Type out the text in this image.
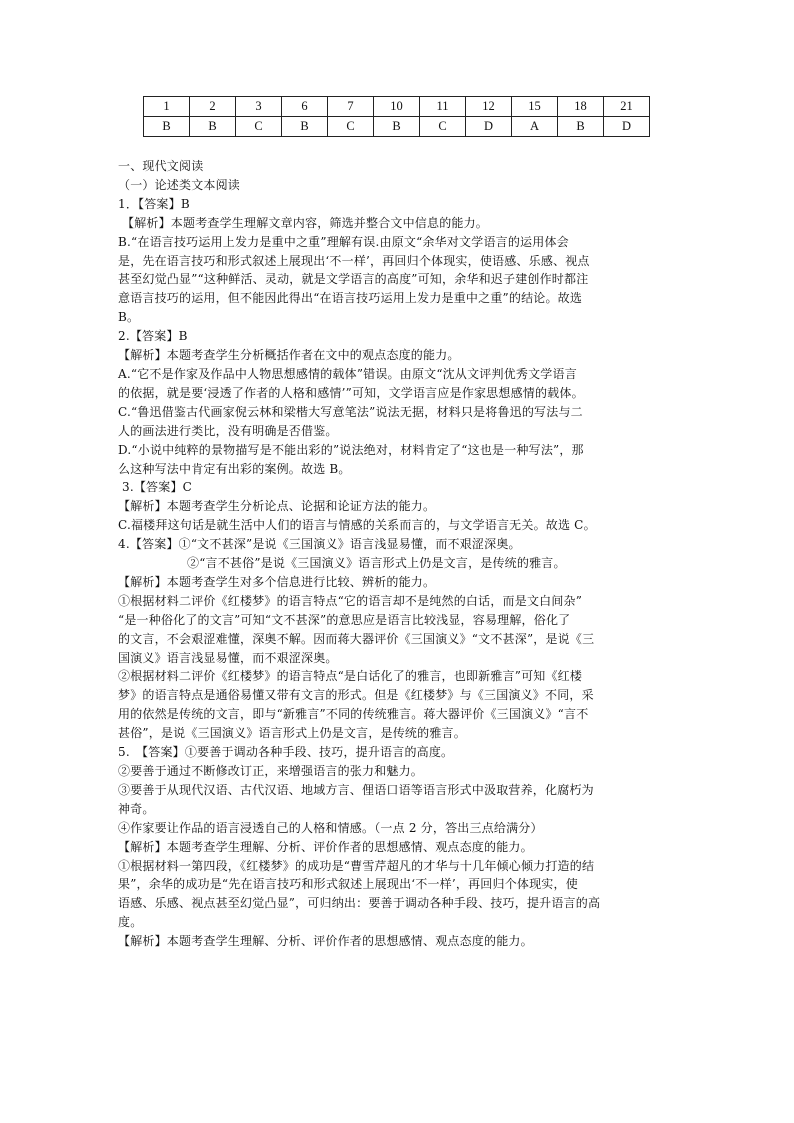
1	2	3	6	7	10	11	12	15	18	21
B	B	C	B	C	B	C	D	A	B	D

一、现代文阅读

（一）论述类文本阅读

1．【答案】B

【解析】本题考查学生理解文章内容，筛选并整合文中信息的能力。

B.“在语言技巧运用上发力是重中之重”理解有误.由原文“余华对文学语言的运用体会

是，先在语言技巧和形式叙述上展现出‘不一样’，再回归个体现实，使语感、乐感、视点

甚至幻觉凸显”“这种鲜活、灵动，就是文学语言的高度”可知，余华和迟子建创作时都注

意语言技巧的运用，但不能因此得出“在语言技巧运用上发力是重中之重”的结论。故选

B。

2.【答案】B

【解析】本题考查学生分析概括作者在文中的观点态度的能力。

A.“它不是作家及作品中人物思想感情的载体”错误。由原文“沈从文评判优秀文学语言

的依据，就是要‘浸透了作者的人格和感情’”可知，文学语言应是作家思想感情的载体。

C.“鲁迅借鉴古代画家倪云林和梁楷大写意笔法”说法无据，材料只是将鲁迅的写法与二

人的画法进行类比，没有明确是否借鉴。

D.“小说中纯粹的景物描写是不能出彩的”说法绝对，材料肯定了“这也是一种写法”，那

么这种写法中肯定有出彩的案例。故选 B。

3.【答案】C

【解析】本题考查学生分析论点、论据和论证方法的能力。

C.福楼拜这句话是就生活中人们的语言与情感的关系而言的，与文学语言无关。故选 C。

4.【答案】①“文不甚深”是说《三国演义》语言浅显易懂，而不艰涩深奥。

②“言不甚俗”是说《三国演义》语言形式上仍是文言，是传统的雅言。

【解析】本题考查学生对多个信息进行比较、辨析的能力。

①根据材料二评价《红楼梦》的语言特点“它的语言却不是纯然的白话，而是文白间杂”

“是一种俗化了的文言”可知“文不甚深”的意思应是语言比较浅显，容易理解，俗化了

的文言，不会艰涩难懂，深奥不解。因而蒋大器评价《三国演义》“文不甚深”，是说《三

国演义》语言浅显易懂，而不艰涩深奥。

②根据材料二评价《红楼梦》的语言特点“是白话化了的雅言，也即新雅言”可知《红楼

梦》的语言特点是通俗易懂又带有文言的形式。但是《红楼梦》与《三国演义》不同，采

用的依然是传统的文言，即与“新雅言”不同的传统雅言。蒋大器评价《三国演义》“言不

甚俗”，是说《三国演义》语言形式上仍是文言，是传统的雅言。

5.　【答案】①要善于调动各种手段、技巧，提升语言的高度。

②要善于通过不断修改订正，来增强语言的张力和魅力。

③要善于从现代汉语、古代汉语、地域方言、俚语口语等语言形式中汲取营养，化腐朽为

神奇。

④作家要让作品的语言浸透自己的人格和情感。（一点 2 分，答出三点给满分）

【解析】本题考查学生理解、分析、评价作者的思想感情、观点态度的能力。

①根据材料一第四段，《红楼梦》的成功是“曹雪芹超凡的才华与十几年倾心倾力打造的结

果”，余华的成功是“先在语言技巧和形式叙述上展现出‘不一样’，再回归个体现实，使

语感、乐感、视点甚至幻觉凸显”，可归纳出：要善于调动各种手段、技巧，提升语言的高

度。

【解析】本题考查学生理解、分析、评价作者的思想感情、观点态度的能力。
